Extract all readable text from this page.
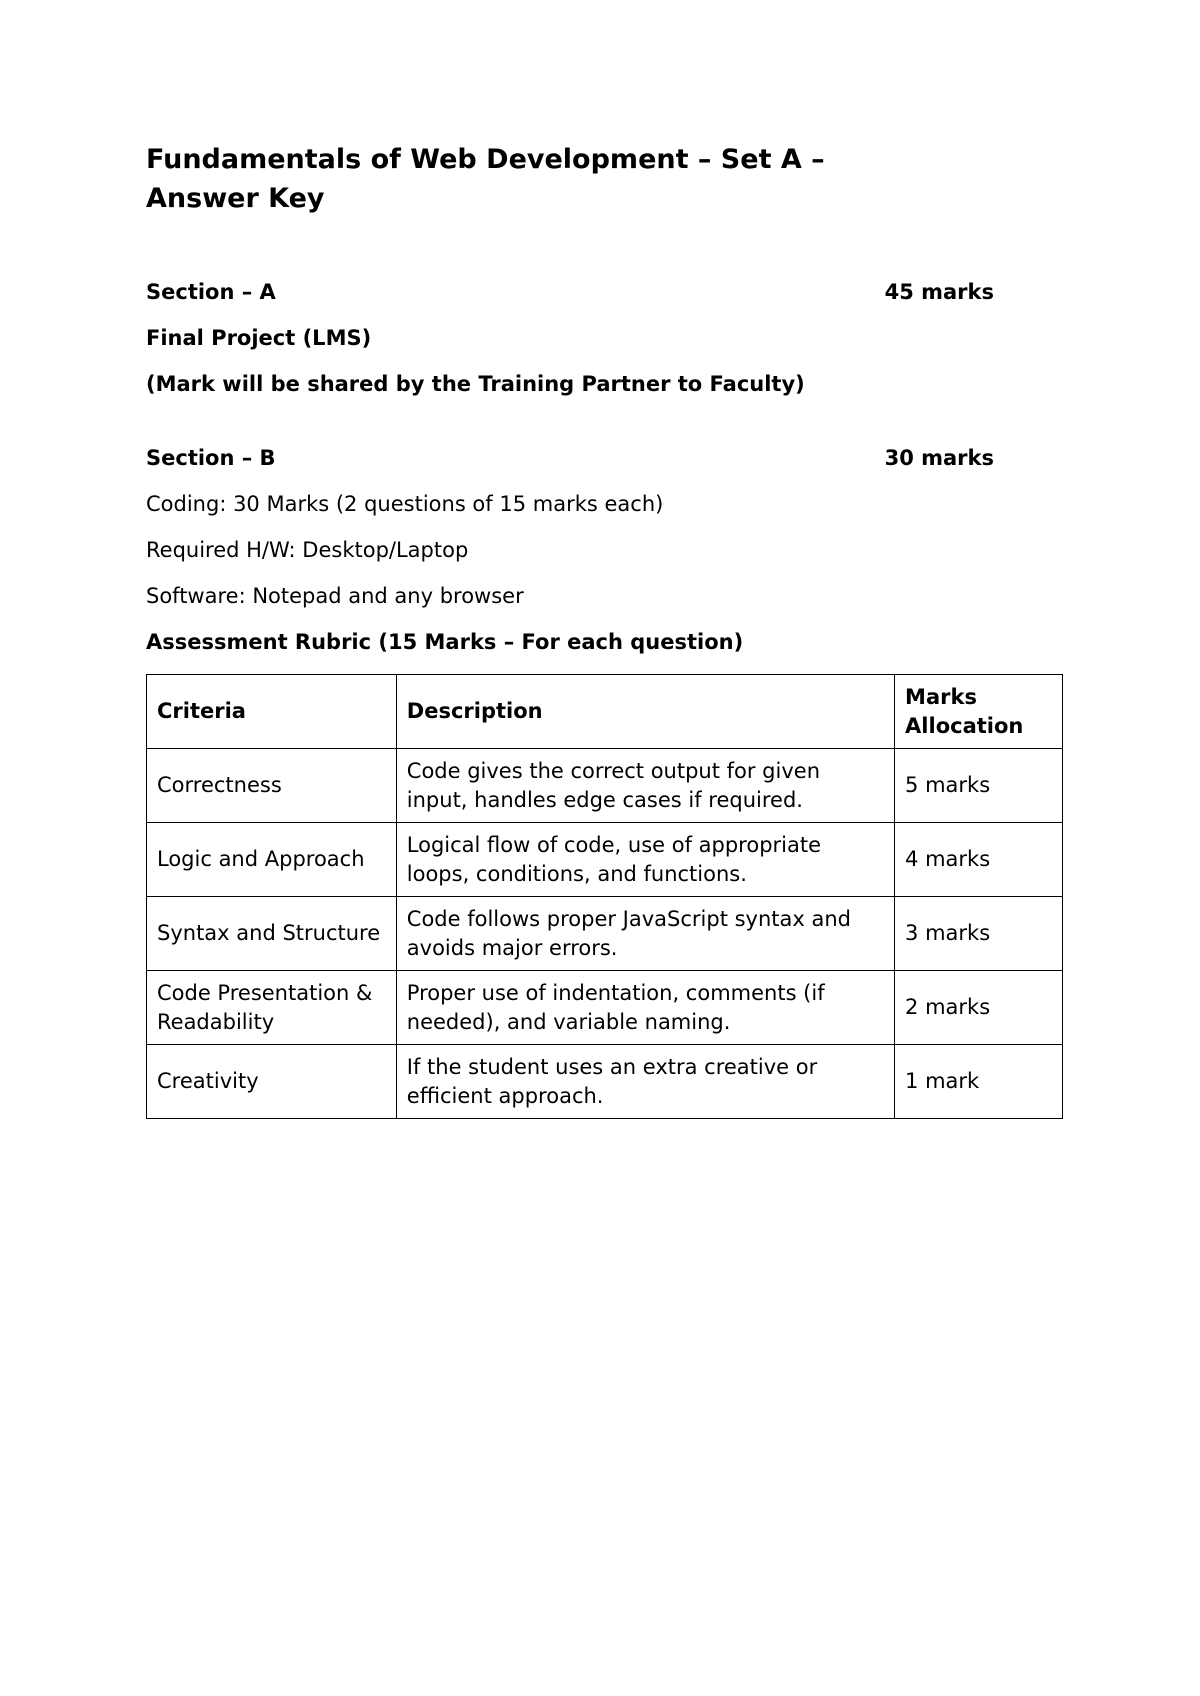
Fundamentals of Web Development – Set A – Answer Key
Section – A	45 marks
Final Project (LMS)
(Mark will be shared by the Training Partner to Faculty)
Section – B	30 marks
Coding: 30 Marks (2 questions of 15 marks each)
Required H/W: Desktop/Laptop
Software: Notepad and any browser
Assessment Rubric (15 Marks – For each question)
Criteria	Description	Marks Allocation
Correctness	Code gives the correct output for given input, handles edge cases if required.	5 marks
Logic and Approach	Logical flow of code, use of appropriate loops, conditions, and functions.	4 marks
Syntax and Structure	Code follows proper JavaScript syntax and avoids major errors.	3 marks
Code Presentation & Readability	Proper use of indentation, comments (if needed), and variable naming.	2 marks
Creativity	If the student uses an extra creative or efficient approach.	1 mark
